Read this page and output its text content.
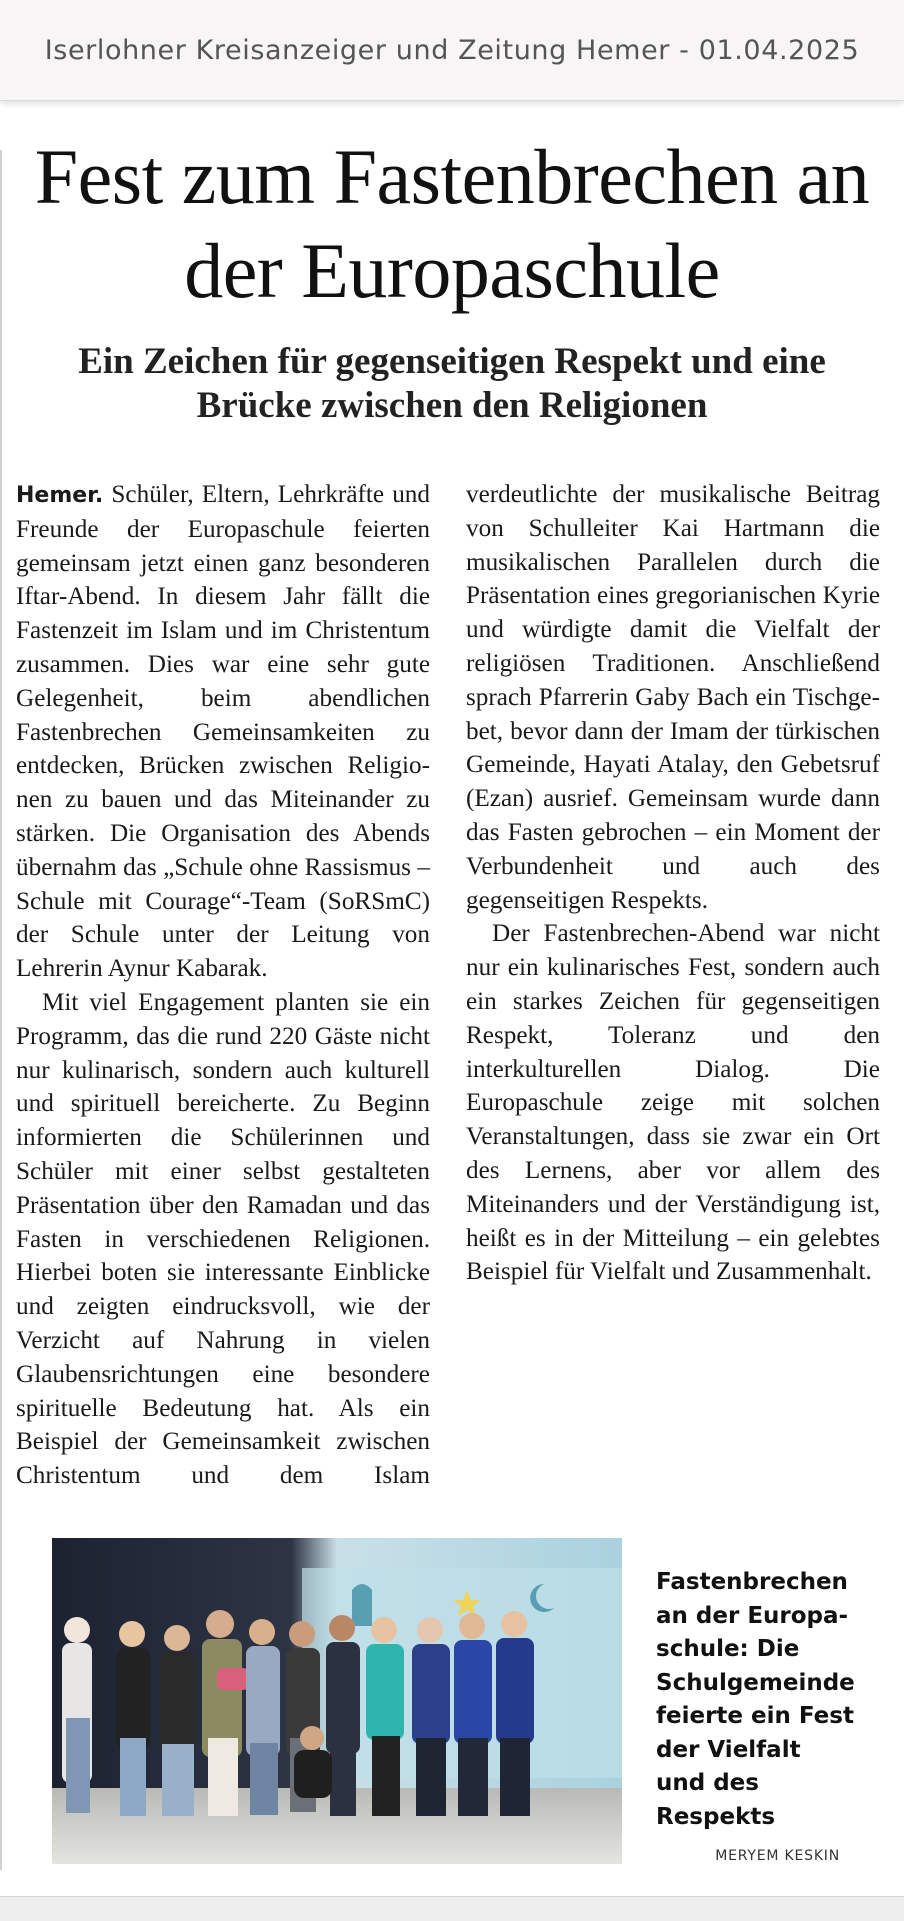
Iserlohner Kreisanzeiger und Zeitung Hemer - 01.04.2025
Fest zum Fastenbrechen an der Europaschule
Ein Zeichen für gegenseitigen Respekt und eine Brücke zwischen den Religionen

Hemer. Schüler, Eltern, Lehrkräfte und Freunde der Europaschule feierten gemeinsam jetzt einen ganz besonderen Iftar-Abend. In diesem Jahr fällt die Fastenzeit im Islam und im Christentum zusammen. Dies war eine sehr gute Gelegenheit, beim abendlichen Fastenbrechen Gemeinsamkeiten zu entdecken, Brücken zwischen Religionen zu bauen und das Miteinander zu stärken. Die Organisation des Abends übernahm das „Schule ohne Rassismus – Schule mit Courage“-Team (SoRSmC) der Schule unter der Leitung von Lehrerin Aynur Kabarak.

Mit viel Engagement planten sie ein Programm, das die rund 220 Gäste nicht nur kulinarisch, sondern auch kulturell und spirituell bereicherte. Zu Beginn informierten die Schülerinnen und Schüler mit einer selbst gestalteten Präsentation über den Ramadan und das Fasten in verschiedenen Religionen. Hierbei boten sie interessante Einblicke und zeigten eindrucksvoll, wie der Verzicht auf Nahrung in vielen Glaubensrichtungen eine besondere spirituelle Bedeutung hat. Als ein Beispiel der Gemeinsamkeit zwischen Christentum und dem Islam

verdeutlichte der musikalische Beitrag von Schulleiter Kai Hartmann die musikalischen Parallelen durch die Präsentation eines gregorianischen Kyrie und würdigte damit die Vielfalt der religiösen Traditionen. Anschließend sprach Pfarrerin Gaby Bach ein Tischgebet, bevor dann der Imam der türkischen Gemeinde, Hayati Atalay, den Gebetsruf (Ezan) ausrief. Gemeinsam wurde dann das Fasten gebrochen – ein Moment der Verbundenheit und auch des gegenseitigen Respekts.

Der Fastenbrechen-Abend war nicht nur ein kulinarisches Fest, sondern auch ein starkes Zeichen für gegenseitigen Respekt, Toleranz und den interkulturellen Dialog. Die Europaschule zeige mit solchen Veranstaltungen, dass sie zwar ein Ort des Lernens, aber vor allem des Miteinanders und der Verständigung ist, heißt es in der Mitteilung – ein gelebtes Beispiel für Vielfalt und Zusammenhalt.

Fastenbrechen an der Europaschule: Die Schulgemeinde feierte ein Fest der Vielfalt und des Respekts
MERYEM KESKIN
